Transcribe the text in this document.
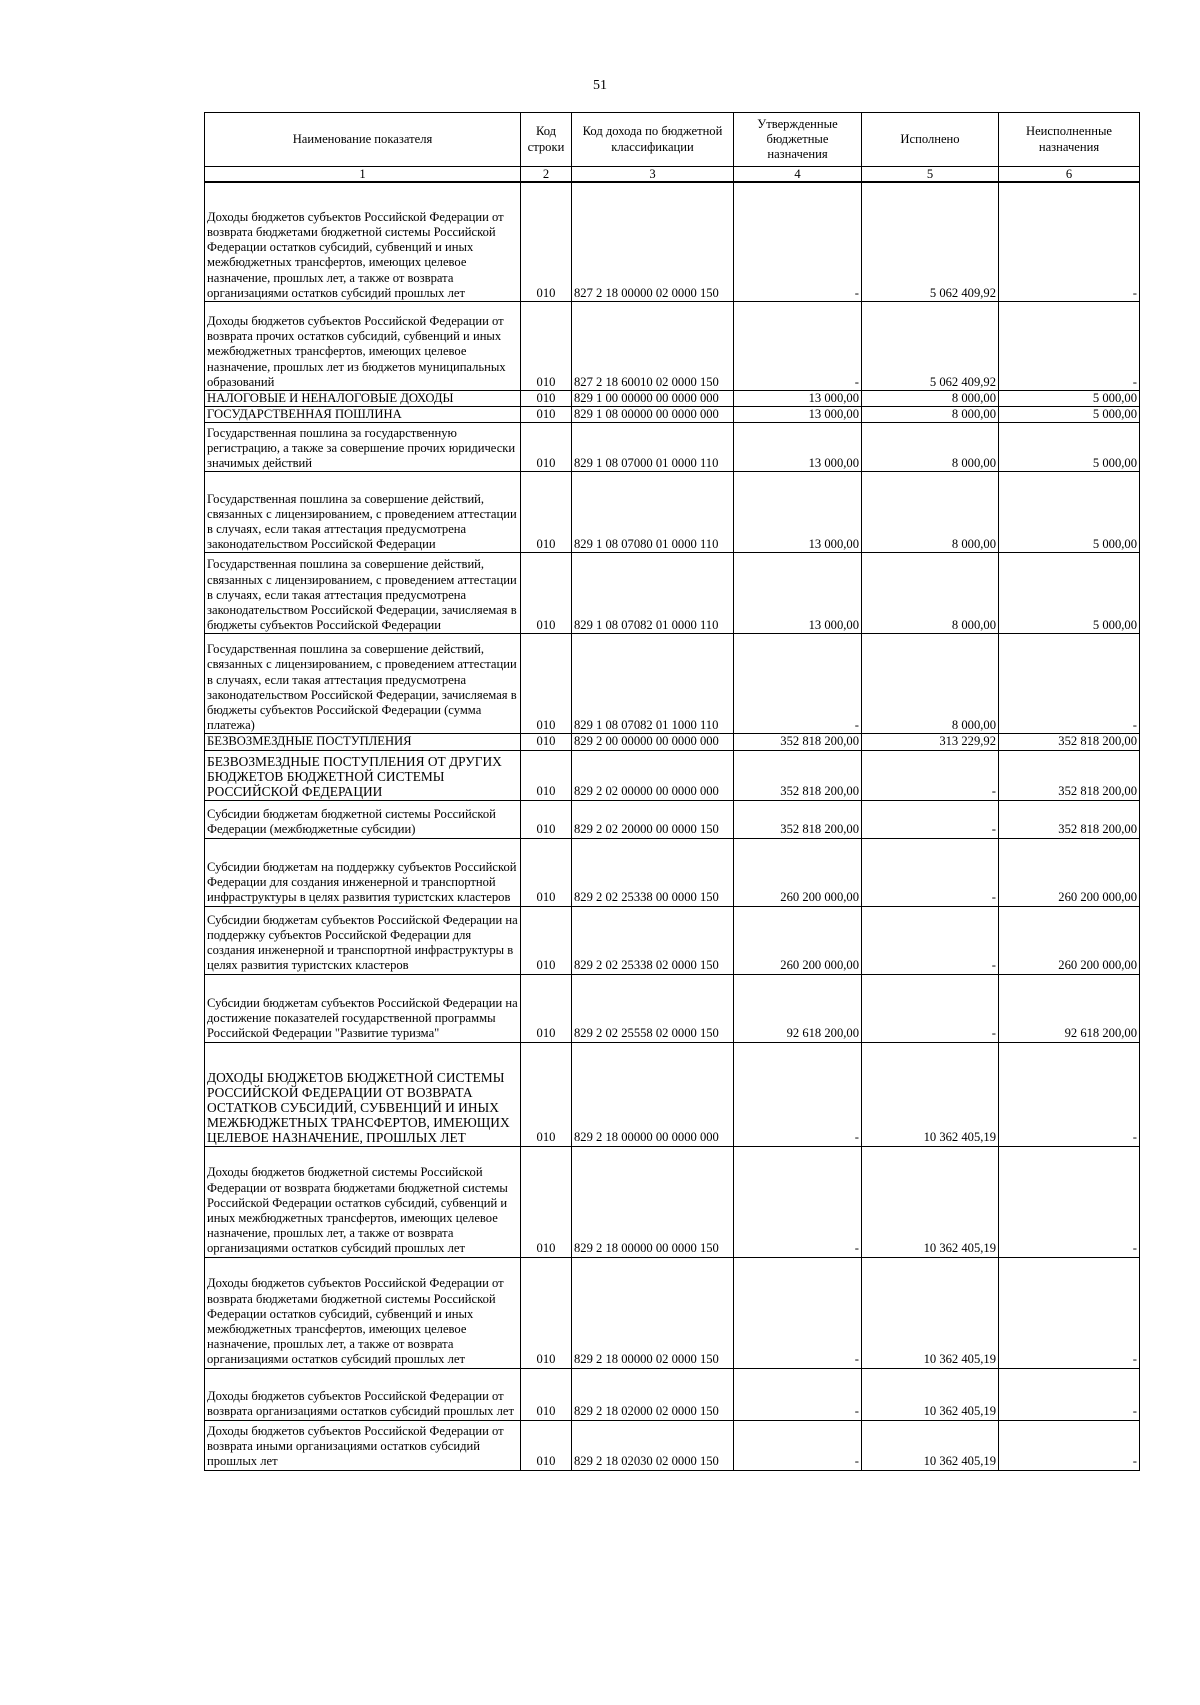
51
Наименование показателя	Код строки	Код дохода по бюджетной классификации	Утвержденные бюджетные назначения	Исполнено	Неисполненные назначения
1	2	3	4	5	6

Доходы бюджетов субъектов Российской Федерации от возврата бюджетами бюджетной системы Российской Федерации остатков субсидий, субвенций и иных межбюджетных трансфертов, имеющих целевое назначение, прошлых лет, а также от возврата организациями остатков субсидий прошлых лет	010	827 2 18 00000 02 0000 150	-	5 062 409,92	-

Доходы бюджетов субъектов Российской Федерации от возврата прочих остатков субсидий, субвенций и иных межбюджетных трансфертов, имеющих целевое назначение, прошлых лет из бюджетов муниципальных образований	010	827 2 18 60010 02 0000 150	-	5 062 409,92	-

НАЛОГОВЫЕ И НЕНАЛОГОВЫЕ ДОХОДЫ	010	829 1 00 00000 00 0000 000	13 000,00	8 000,00	5 000,00

ГОСУДАРСТВЕННАЯ ПОШЛИНА	010	829 1 08 00000 00 0000 000	13 000,00	8 000,00	5 000,00

Государственная пошлина за государственную регистрацию, а также за совершение прочих юридически значимых действий	010	829 1 08 07000 01 0000 110	13 000,00	8 000,00	5 000,00

Государственная пошлина за совершение действий, связанных с лицензированием, с проведением аттестации в случаях, если такая аттестация предусмотрена законодательством Российской Федерации	010	829 1 08 07080 01 0000 110	13 000,00	8 000,00	5 000,00

Государственная пошлина за совершение действий, связанных с лицензированием, с проведением аттестации в случаях, если такая аттестация предусмотрена законодательством Российской Федерации, зачисляемая в бюджеты субъектов Российской Федерации	010	829 1 08 07082 01 0000 110	13 000,00	8 000,00	5 000,00

Государственная пошлина за совершение действий, связанных с лицензированием, с проведением аттестации в случаях, если такая аттестация предусмотрена законодательством Российской Федерации, зачисляемая в бюджеты субъектов Российской Федерации (сумма платежа)	010	829 1 08 07082 01 1000 110	-	8 000,00	-

БЕЗВОЗМЕЗДНЫЕ ПОСТУПЛЕНИЯ	010	829 2 00 00000 00 0000 000	352 818 200,00	313 229,92	352 818 200,00

БЕЗВОЗМЕЗДНЫЕ ПОСТУПЛЕНИЯ ОТ ДРУГИХ БЮДЖЕТОВ БЮДЖЕТНОЙ СИСТЕМЫ РОССИЙСКОЙ ФЕДЕРАЦИИ	010	829 2 02 00000 00 0000 000	352 818 200,00	-	352 818 200,00

Субсидии бюджетам бюджетной системы Российской Федерации (межбюджетные субсидии)	010	829 2 02 20000 00 0000 150	352 818 200,00	-	352 818 200,00

Субсидии бюджетам на поддержку субъектов Российской Федерации для создания инженерной и транспортной инфраструктуры в целях развития туристских кластеров	010	829 2 02 25338 00 0000 150	260 200 000,00	-	260 200 000,00

Субсидии бюджетам субъектов Российской Федерации на поддержку субъектов Российской Федерации для создания инженерной и транспортной инфраструктуры в целях развития туристских кластеров	010	829 2 02 25338 02 0000 150	260 200 000,00	-	260 200 000,00

Субсидии бюджетам субъектов Российской Федерации на достижение показателей государственной программы Российской Федерации "Развитие туризма"	010	829 2 02 25558 02 0000 150	92 618 200,00	-	92 618 200,00

ДОХОДЫ БЮДЖЕТОВ БЮДЖЕТНОЙ СИСТЕМЫ РОССИЙСКОЙ ФЕДЕРАЦИИ ОТ ВОЗВРАТА ОСТАТКОВ СУБСИДИЙ, СУБВЕНЦИЙ И ИНЫХ МЕЖБЮДЖЕТНЫХ ТРАНСФЕРТОВ, ИМЕЮЩИХ ЦЕЛЕВОЕ НАЗНАЧЕНИЕ, ПРОШЛЫХ ЛЕТ	010	829 2 18 00000 00 0000 000	-	10 362 405,19	-

Доходы бюджетов бюджетной системы Российской Федерации от возврата бюджетами бюджетной системы Российской Федерации остатков субсидий, субвенций и иных межбюджетных трансфертов, имеющих целевое назначение, прошлых лет, а также от возврата организациями остатков субсидий прошлых лет	010	829 2 18 00000 00 0000 150	-	10 362 405,19	-

Доходы бюджетов субъектов Российской Федерации от возврата бюджетами бюджетной системы Российской Федерации остатков субсидий, субвенций и иных межбюджетных трансфертов, имеющих целевое назначение, прошлых лет, а также от возврата организациями остатков субсидий прошлых лет	010	829 2 18 00000 02 0000 150	-	10 362 405,19	-

Доходы бюджетов субъектов Российской Федерации от возврата организациями остатков субсидий прошлых лет	010	829 2 18 02000 02 0000 150	-	10 362 405,19	-

Доходы бюджетов субъектов Российской Федерации от возврата иными организациями остатков субсидий прошлых лет	010	829 2 18 02030 02 0000 150	-	10 362 405,19	-
